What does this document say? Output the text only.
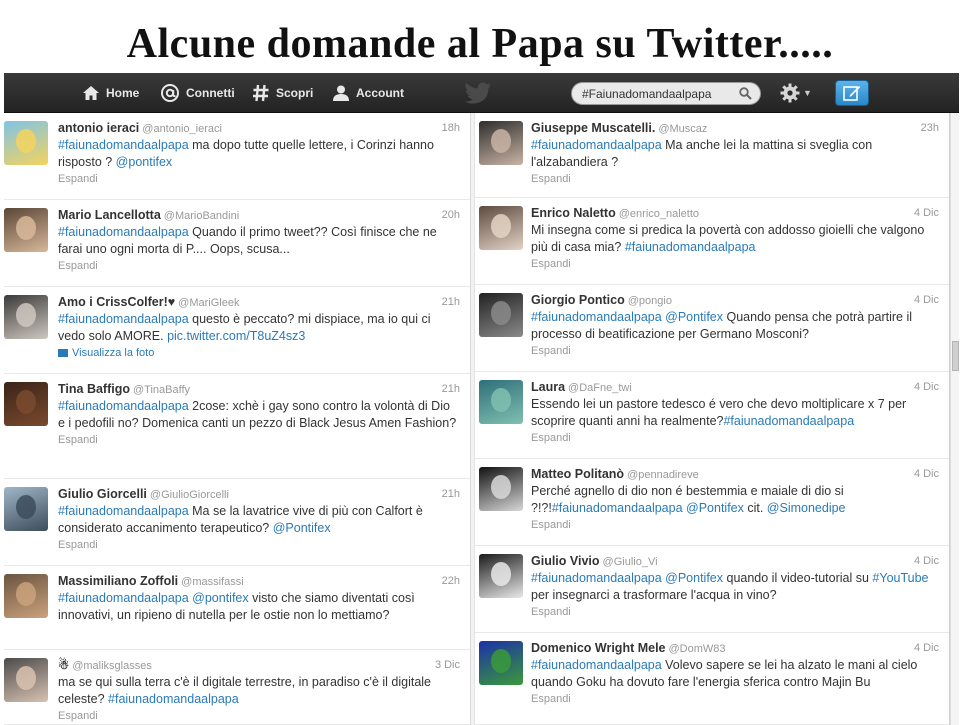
Alcune domande al Papa su Twitter.....
Home	Connetti	Scopri	Account
#Faiunadomandaalpapa	▼
antonio ieraci @antonio_ieraci	18h
#faiunadomandaalpapa ma dopo tutte quelle lettere, i Corinzi hanno risposto ? @pontifex
Espandi
Mario Lancellotta @MarioBandini	20h
#faiunadomandaalpapa Quando il primo tweet?? Così finisce che ne farai uno ogni morta di P.... Oops, scusa...
Espandi
Amo i CrissColfer!♥ @MariGleek	21h
#faiunadomandaalpapa questo è peccato? mi dispiace, ma io qui ci vedo solo AMORE. pic.twitter.com/T8uZ4sz3
Visualizza la foto
Tina Baffigo @TinaBaffy	21h
#faiunadomandaalpapa 2cose: xchè i gay sono contro la volontà di Dio e i pedofili no? Domenica canti un pezzo di Black Jesus Amen Fashion?
Espandi
Giulio Giorcelli @GiulioGiorcelli	21h
#faiunadomandaalpapa Ma se la lavatrice vive di più con Calfort è considerato accanimento terapeutico? @Pontifex
Espandi
Massimiliano Zoffoli @massifassi	22h
#faiunadomandaalpapa @pontifex visto che siamo diventati così innovativi, un ripieno di nutella per le ostie non lo mettiamo?
☃ @maliksglasses	3 Dic
ma se qui sulla terra c'è il digitale terrestre, in paradiso c'è il digitale celeste? #faiunadomandaalpapa
Espandi
Giuseppe Muscatelli. @Muscaz	23h
#faiunadomandaalpapa Ma anche lei la mattina si sveglia con l'alzabandiera ?
Espandi
Enrico Naletto @enrico_naletto	4 Dic
Mi insegna come si predica la povertà con addosso gioielli che valgono più di casa mia? #faiunadomandaalpapa
Espandi
Giorgio Pontico @pongio	4 Dic
#faiunadomandaalpapa @Pontifex Quando pensa che potrà partire il processo di beatificazione per Germano Mosconi?
Espandi
Laura @DaFne_twi	4 Dic
Essendo lei un pastore tedesco é vero che devo moltiplicare x 7 per scoprire quanti anni ha realmente?#faiunadomandaalpapa
Espandi
Matteo Politanò @pennadireve	4 Dic
Perché agnello di dio non é bestemmia e maiale di dio si ?!?!#faiunadomandaalpapa @Pontifex cit. @Simonedipe
Espandi
Giulio Vivio @Giulio_Vi	4 Dic
#faiunadomandaalpapa @Pontifex quando il video-tutorial su #YouTube per insegnarci a trasformare l'acqua in vino?
Espandi
Domenico Wright Mele @DomW83	4 Dic
#faiunadomandaalpapa Volevo sapere se lei ha alzato le mani al cielo quando Goku ha dovuto fare l'energia sferica contro Majin Bu
Espandi
